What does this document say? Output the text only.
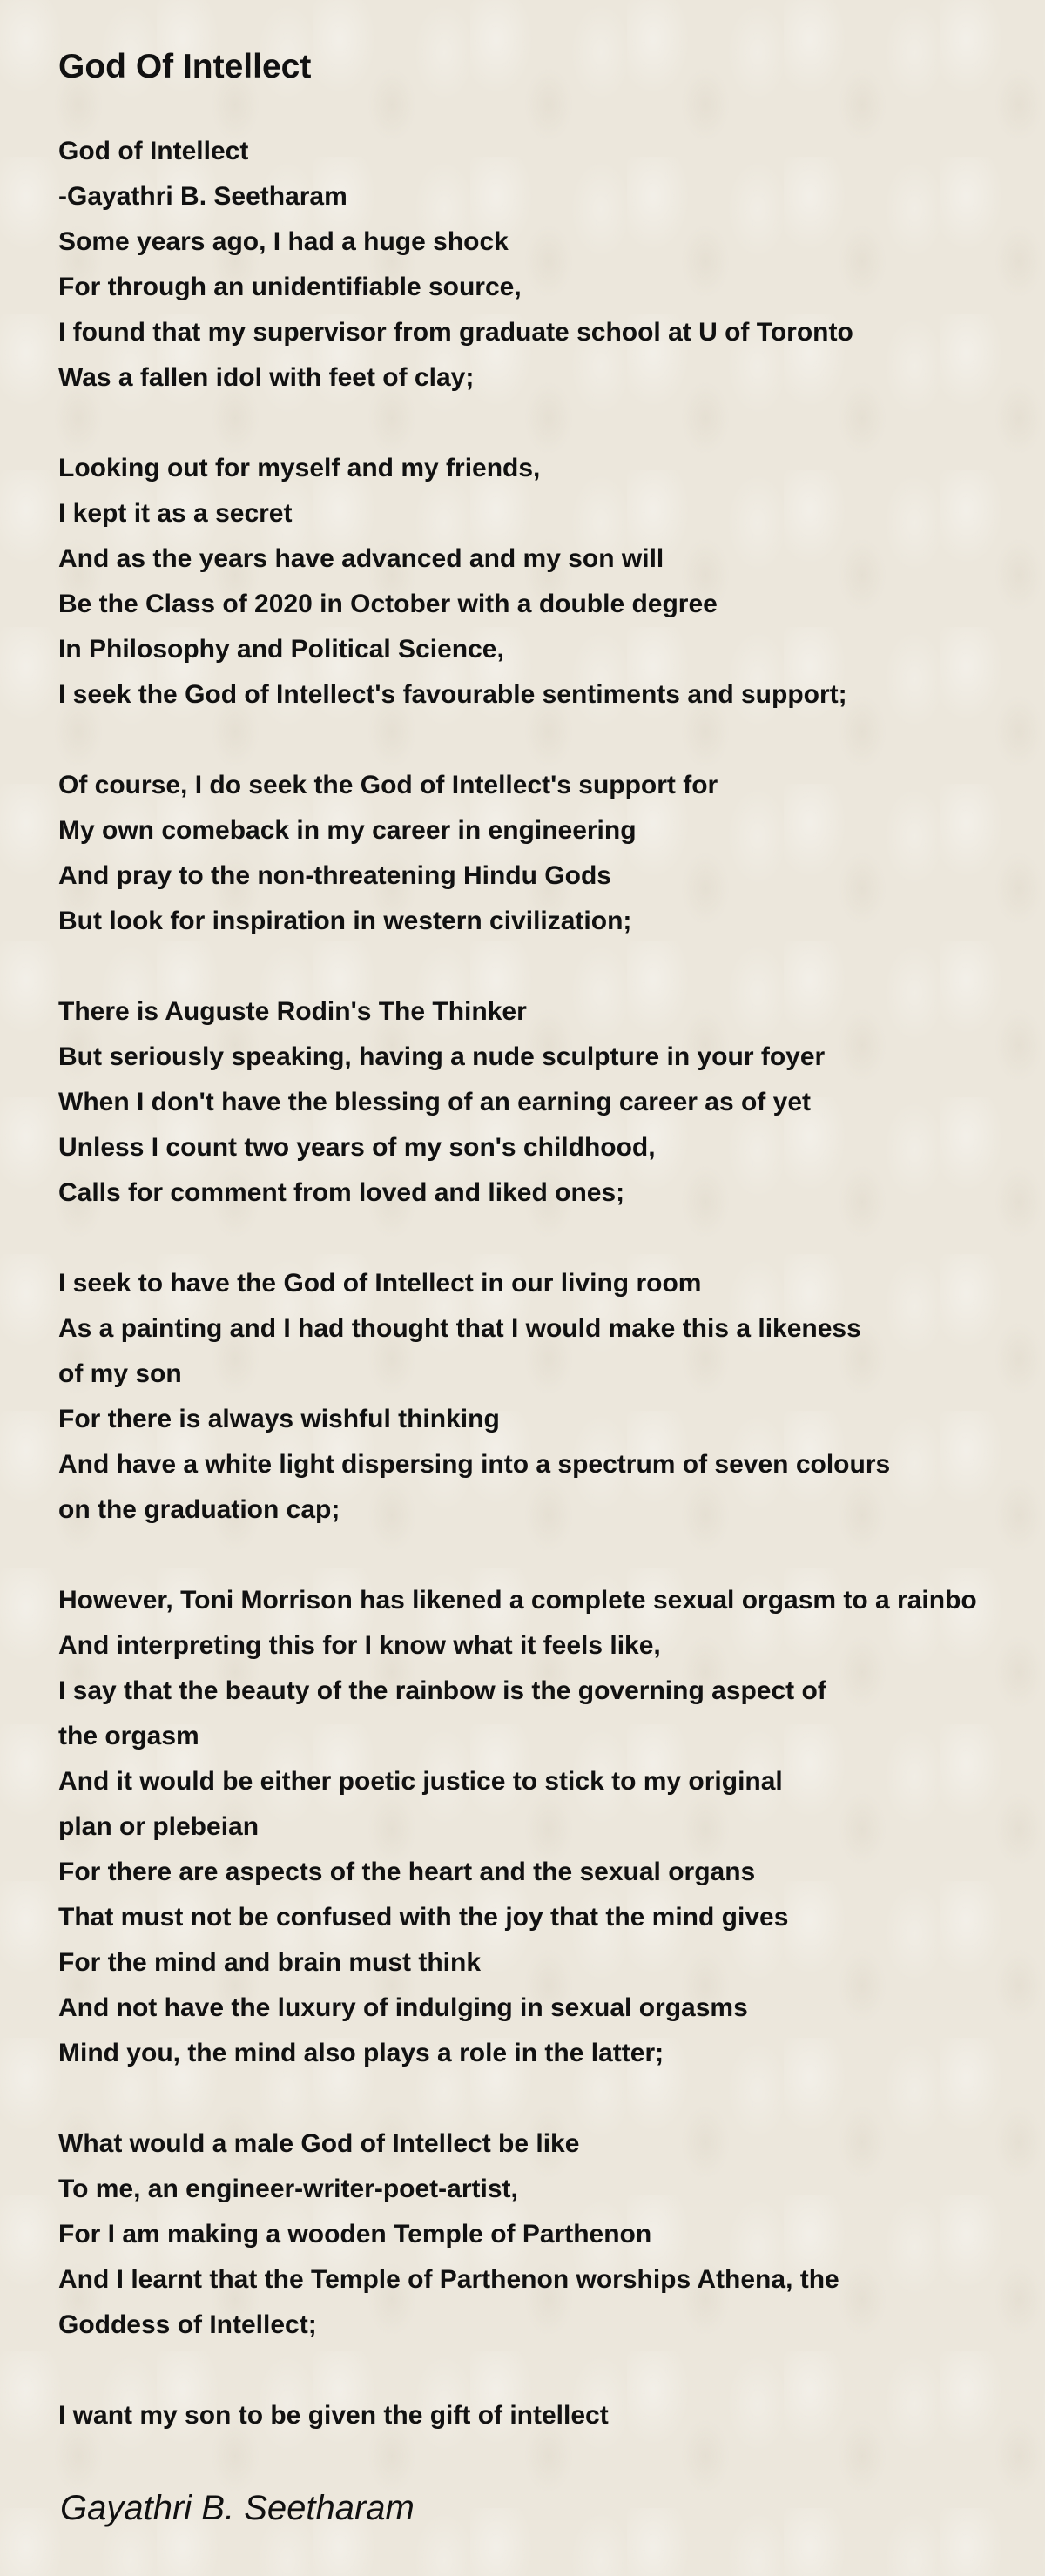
God Of Intellect
God of Intellect
-Gayathri B. Seetharam
Some years ago, I had a huge shock
For through an unidentifiable source,
I found that my supervisor from graduate school at U of Toronto
Was a fallen idol with feet of clay;
Looking out for myself and my friends,
I kept it as a secret
And as the years have advanced and my son will
Be the Class of 2020 in October with a double degree
In Philosophy and Political Science,
I seek the God of Intellect's favourable sentiments and support;
Of course, I do seek the God of Intellect's support for
My own comeback in my career in engineering
And pray to the non-threatening Hindu Gods
But look for inspiration in western civilization;
There is Auguste Rodin's The Thinker
But seriously speaking, having a nude sculpture in your foyer
When I don't have the blessing of an earning career as of yet
Unless I count two years of my son's childhood,
Calls for comment from loved and liked ones;
I seek to have the God of Intellect in our living room
As a painting and I had thought that I would make this a likeness
of my son
For there is always wishful thinking
And have a white light dispersing into a spectrum of seven colours
on the graduation cap;
However, Toni Morrison has likened a complete sexual orgasm to a rainbo
And interpreting this for I know what it feels like,
I say that the beauty of the rainbow is the governing aspect of
the orgasm
And it would be either poetic justice to stick to my original
plan or plebeian
For there are aspects of the heart and the sexual organs
That must not be confused with the joy that the mind gives
For the mind and brain must think
And not have the luxury of indulging in sexual orgasms
Mind you, the mind also plays a role in the latter;
What would a male God of Intellect be like
To me, an engineer-writer-poet-artist,
For I am making a wooden Temple of Parthenon
And I learnt that the Temple of Parthenon worships Athena, the
Goddess of Intellect;
I want my son to be given the gift of intellect
Gayathri B. Seetharam
